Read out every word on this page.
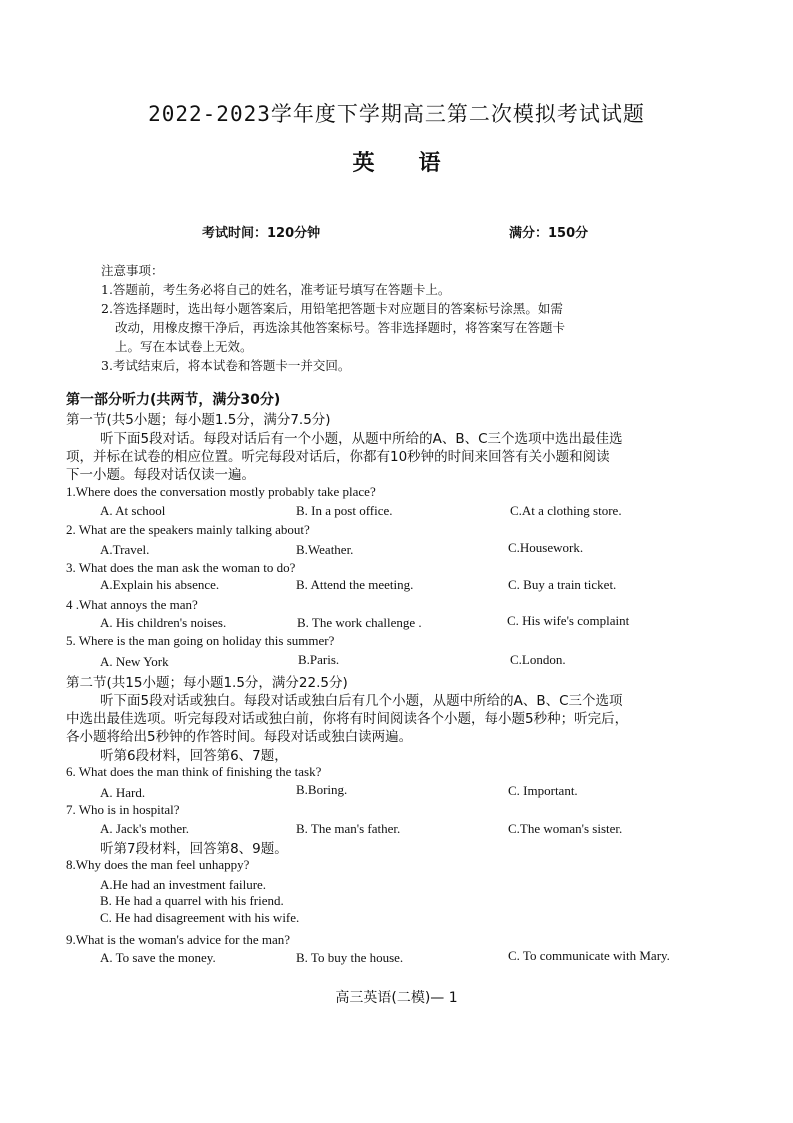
2022-2023学年度下学期高三第二次模拟考试试题
英 语
考试时间：120分钟	满分：150分
注意事项：
1.答题前，考生务必将自己的姓名，准考证号填写在答题卡上。
2.答选择题时，选出每小题答案后，用铅笔把答题卡对应题目的答案标号涂黑。如需
改动，用橡皮擦干净后，再选涂其他答案标号。答非选择题时，将答案写在答题卡
上。写在本试卷上无效。
3.考试结束后，将本试卷和答题卡一并交回。
第一部分听力(共两节，满分30分)
第一节(共5小题；每小题1.5分，满分7.5分)
听下面5段对话。每段对话后有一个小题，从题中所给的A、B、C三个选项中选出最佳选
项，并标在试卷的相应位置。听完每段对话后，你都有10秒钟的时间来回答有关小题和阅读
下一小题。每段对话仅读一遍。
1.Where does the conversation mostly probably take place?
A. At school	B. In a post office.	C.At a clothing store.
2. What are the speakers mainly talking about?
A.Travel.	B.Weather.	C.Housework.
3. What does the man ask the woman to do?
A.Explain his absence.	B. Attend the meeting.	C. Buy a train ticket.
4 .What annoys the man?
A. His children's noises.	B. The work challenge .	C. His wife's complaint
5. Where is the man going on holiday this summer?
A. New York	B.Paris.	C.London.
第二节(共15小题；每小题1.5分，满分22.5分)
听下面5段对话或独白。每段对话或独白后有几个小题，从题中所给的A、B、C三个选项
中选出最佳选项。听完每段对话或独白前，你将有时间阅读各个小题，每小题5秒种；听完后，
各小题将给出5秒钟的作答时间。每段对话或独白读两遍。
听第6段材料，回答第6、7题，
6. What does the man think of finishing the task?
A. Hard.	B.Boring.	C. Important.
7. Who is in hospital?
A. Jack's mother.	B. The man's father.	C.The woman's sister.
听第7段材料，回答第8、9题。
8.Why does the man feel unhappy?
A.He had an investment failure.
B. He had a quarrel with his friend.
C. He had disagreement with his wife.
9.What is the woman's advice for the man?
A. To save the money.	B. To buy the house.	C. To communicate with Mary.
高三英语(二模)— 1
